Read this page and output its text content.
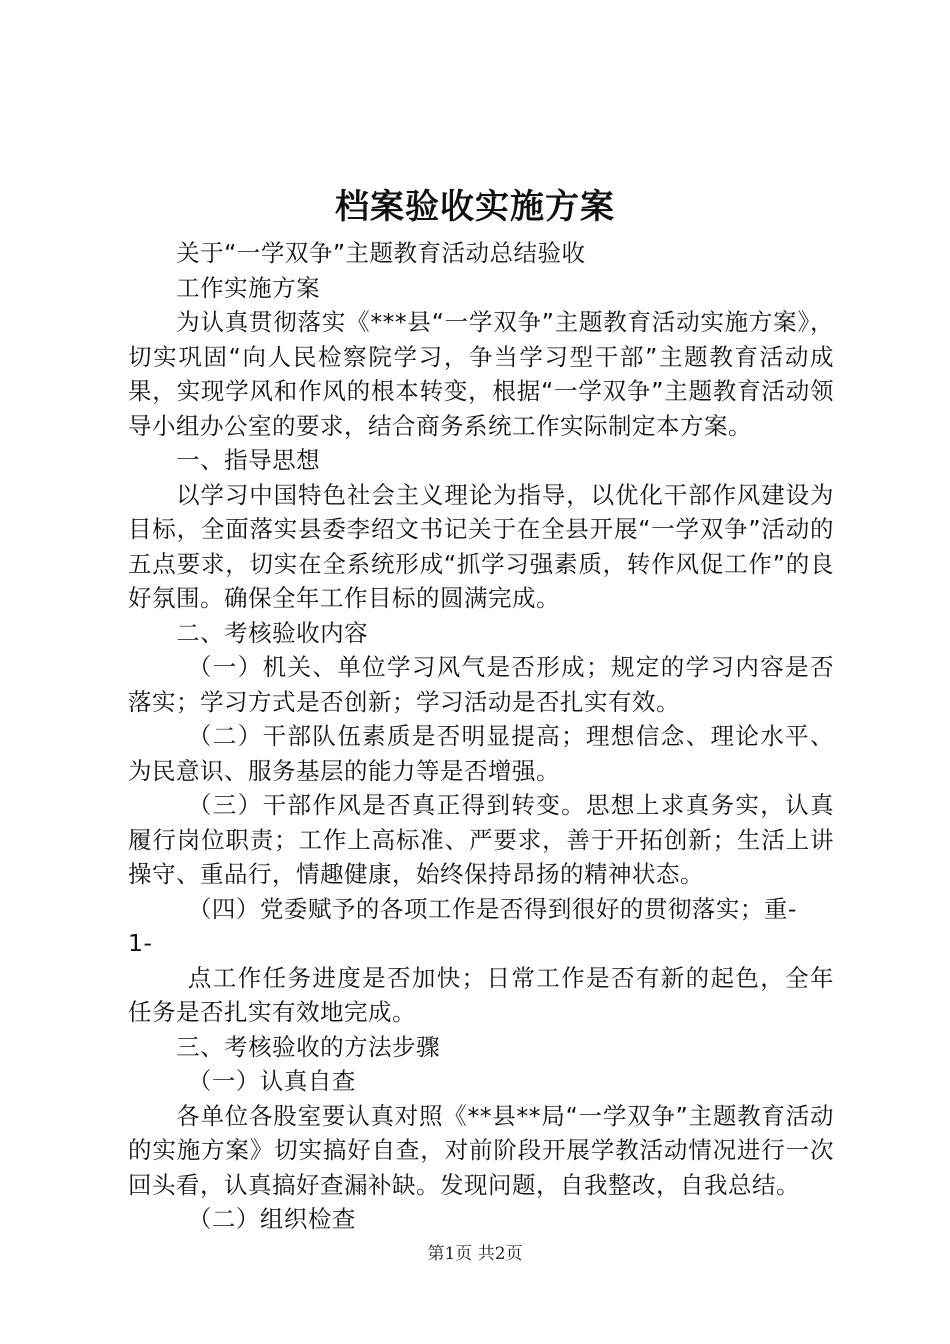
档案验收实施方案

关于“一学双争”主题教育活动总结验收

工作实施方案

为认真贯彻落实《***县“一学双争”主题教育活动实施方案》，切实巩固“向人民检察院学习，争当学习型干部”主题教育活动成果，实现学风和作风的根本转变，根据“一学双争”主题教育活动领导小组办公室的要求，结合商务系统工作实际制定本方案。

一、指导思想

以学习中国特色社会主义理论为指导，以优化干部作风建设为目标，全面落实县委李绍文书记关于在全县开展“一学双争”活动的五点要求，切实在全系统形成“抓学习强素质，转作风促工作”的良好氛围。确保全年工作目标的圆满完成。

二、考核验收内容

（一）机关、单位学习风气是否形成；规定的学习内容是否落实；学习方式是否创新；学习活动是否扎实有效。

（二）干部队伍素质是否明显提高；理想信念、理论水平、为民意识、服务基层的能力等是否增强。

（三）干部作风是否真正得到转变。思想上求真务实，认真履行岗位职责；工作上高标准、严要求，善于开拓创新；生活上讲操守、重品行，情趣健康，始终保持昂扬的精神状态。

（四）党委赋予的各项工作是否得到很好的贯彻落实；重-

1-

点工作任务进度是否加快；日常工作是否有新的起色，全年任务是否扎实有效地完成。

三、考核验收的方法步骤

（一）认真自查

各单位各股室要认真对照《**县**局“一学双争”主题教育活动的实施方案》切实搞好自查，对前阶段开展学教活动情况进行一次回头看，认真搞好查漏补缺。发现问题，自我整改，自我总结。

（二）组织检查

第1页 共2页
